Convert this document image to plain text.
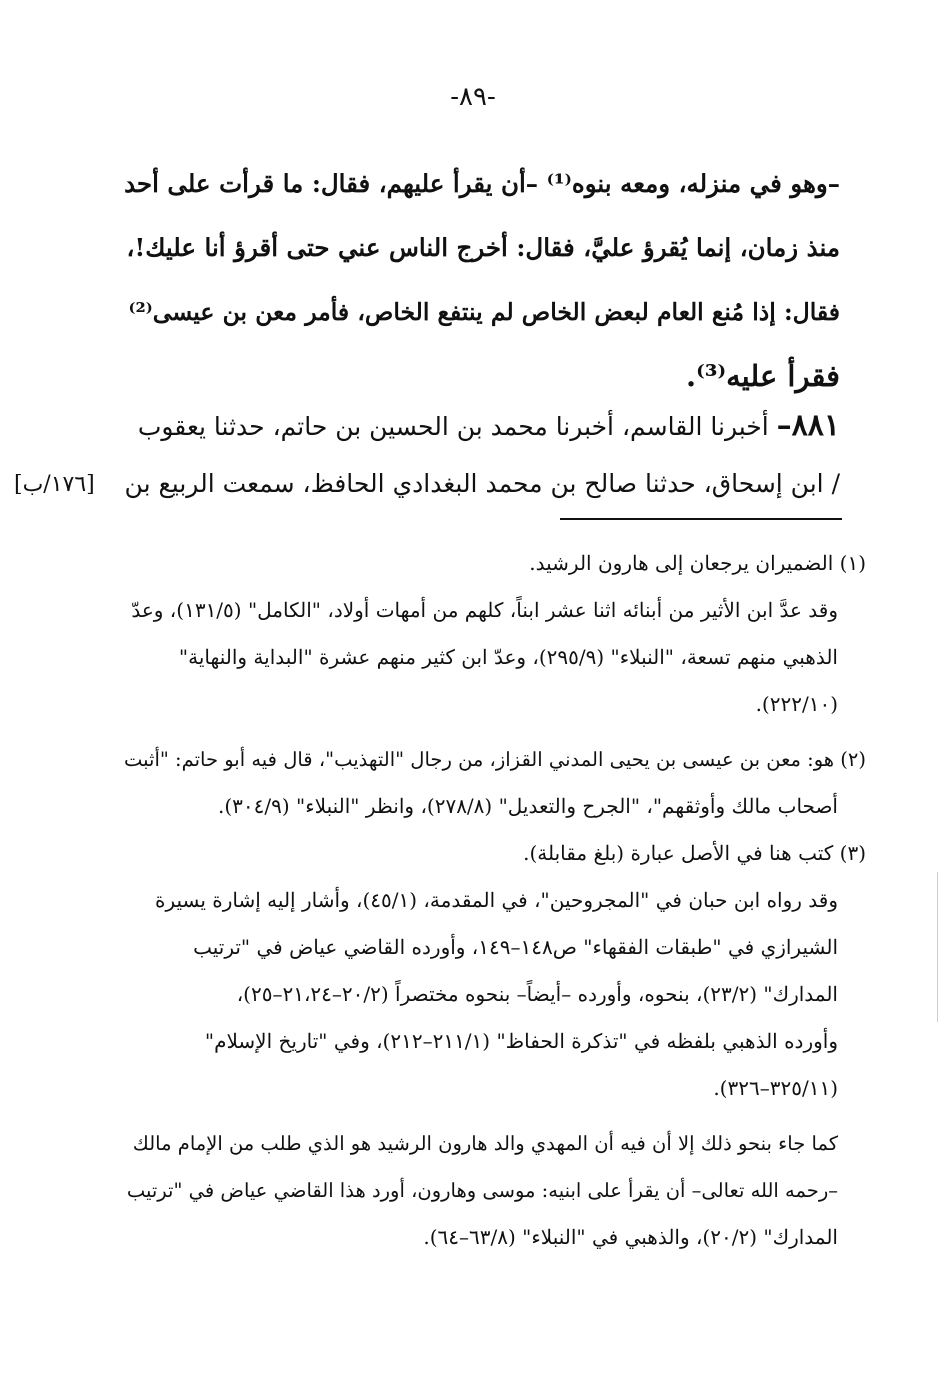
-٨٩-
–وهو في منزله، ومعه بنوه⁽¹⁾ –أن يقرأ عليهم، فقال: ما قرأت على أحد
منذ زمان، إنما يُقرؤ عليَّ، فقال: أخرج الناس عني حتى أقرؤ أنا عليك!،
فقال: إذا مُنع العام لبعض الخاص لم ينتفع الخاص، فأمر معن بن عيسى⁽²⁾
فقرأ عليه⁽³⁾.
٨٨١– أخبرنا القاسم، أخبرنا محمد بن الحسين بن حاتم، حدثنا يعقوب
/ ابن إسحاق، حدثنا صالح بن محمد البغدادي الحافظ، سمعت الربيع بن
[١٧٦/ب]
(١) الضميران يرجعان إلى هارون الرشيد.
وقد عدَّ ابن الأثير من أبنائه اثنا عشر ابناً، كلهم من أمهات أولاد، "الكامل" (١٣١/٥)، وعدّ
الذهبي منهم تسعة، "النبلاء" (٢٩٥/٩)، وعدّ ابن كثير منهم عشرة "البداية والنهاية"
(٢٢٢/١٠).
(٢) هو: معن بن عيسى بن يحيى المدني القزاز، من رجال "التهذيب"، قال فيه أبو حاتم: "أثبت
أصحاب مالك وأوثقهم"، "الجرح والتعديل" (٢٧٨/٨)، وانظر "النبلاء" (٣٠٤/٩).
(٣) كتب هنا في الأصل عبارة (بلغ مقابلة).
وقد رواه ابن حبان في "المجروحين"، في المقدمة، (٤٥/١)، وأشار إليه إشارة يسيرة
الشيرازي في "طبقات الفقهاء" ص١٤٨–١٤٩، وأورده القاضي عياض في "ترتيب
المدارك" (٢٣/٢)، بنحوه، وأورده –أيضاً– بنحوه مختصراً (٢٠/٢–٢١،٢٤–٢٥)،
وأورده الذهبي بلفظه في "تذكرة الحفاظ" (٢١١/١–٢١٢)، وفي "تاريخ الإسلام"
(٣٢٥/١١–٣٢٦).
كما جاء بنحو ذلك إلا أن فيه أن المهدي والد هارون الرشيد هو الذي طلب من الإمام مالك
–رحمه الله تعالى– أن يقرأ على ابنيه: موسى وهارون، أورد هذا القاضي عياض في "ترتيب
المدارك" (٢٠/٢)، والذهبي في "النبلاء" (٦٣/٨–٦٤).
